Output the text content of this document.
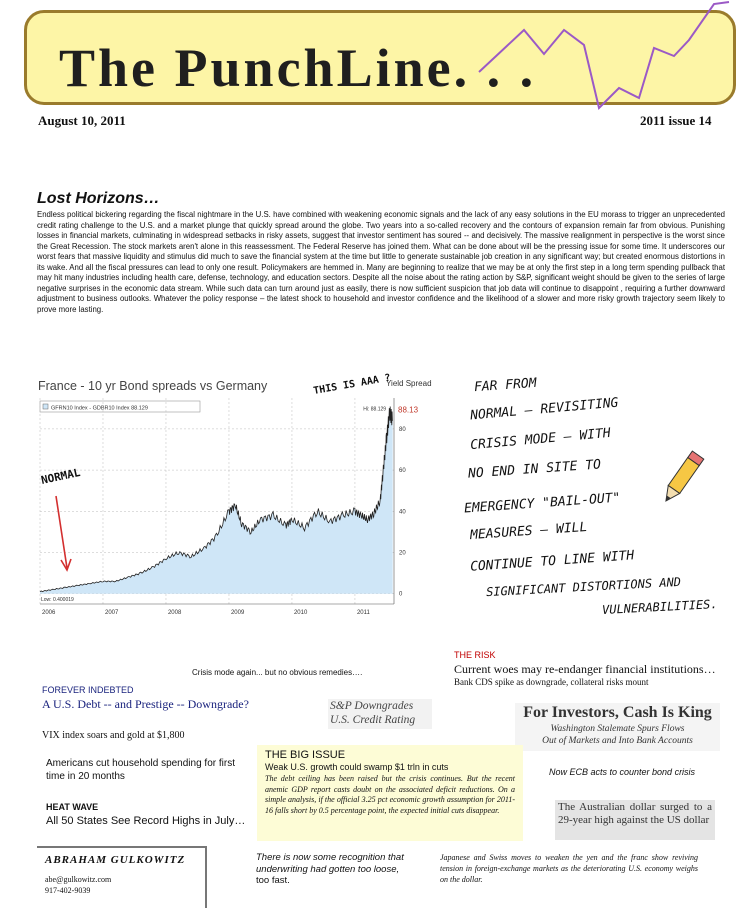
The PunchLine. . .
August 10, 2011	2011 issue 14
Lost Horizons…
Endless political bickering regarding the fiscal nightmare in the U.S. have combined with weakening economic signals and the lack of any easy solutions in the EU morass to trigger an unprecedented credit rating challenge to the U.S. and a market plunge that quickly spread around the globe. Two years into a so-called recovery and the contours of expansion remain far from obvious. Punishing losses in financial markets, culminating in widespread setbacks in risky assets, suggest that investor sentiment has soured -- and decisively. The massive realignment in perspective is the worst since the Great Recession. The stock markets aren't alone in this reassessment. The Federal Reserve has joined them. What can be done about will be the pressing issue for some time. It underscores our worst fears that massive liquidity and stimulus did much to save the financial system at the time but little to generate sustainable job creation in any significant way; but created enormous distortions in its wake. And all the fiscal pressures can lead to only one result. Policymakers are hemmed in. Many are beginning to realize that we may be at only the first step in a long term spending pullback that may hit many industries including health care, defense, technology, and education sectors. Despite all the noise about the rating action by S&P, significant weight should be given to the series of large negative surprises in the economic data stream. While such data can turn around just as easily, there is now sufficient suspicion that job data will continue to disappoint , requiring a further downward adjustment to business outlooks. Whatever the policy response – the latest shock to household and investor confidence and the likelihood of a slower and more risky growth trajectory seem likely to prove more lasting.
France - 10 yr Bond spreads vs Germany	Yield Spread
GFRN10 Index - GDBR10 Index 88.129
0
20
40
60
80
2006	2007	2008	2009	2010	2011
Hi: 88.129
Low: 0.400019
88.13
NORMAL
THIS IS AAA ?
Crisis mode again... but no obvious remedies….
FAR FROM
NORMAL – REVISITING
CRISIS MODE – WITH
NO END IN SITE TO
EMERGENCY "BAIL-OUT"
MEASURES – WILL
CONTINUE TO LINE WITH
SIGNIFICANT DISTORTIONS AND
VULNERABILITIES.
THE RISK
Current woes may re-endanger financial institutions…
Bank CDS spike as downgrade, collateral risks mount
FOREVER INDEBTED
A U.S. Debt -- and Prestige -- Downgrade?	S&P Downgrades
U.S. Credit Rating	For Investors, Cash Is King
Washington Stalemate Spurs Flows
Out of Markets and Into Bank Accounts
VIX index soars and gold at $1,800
Americans cut household spending for first time in 20 months
HEAT WAVE
All 50 States See Record Highs in July…
THE BIG ISSUE
Weak U.S. growth could swamp $1 trln in cuts
The debt ceiling has been raised but the crisis continues. But the recent anemic GDP report casts doubt on the associated deficit reductions. On a simple analysis, if the official 3.25 pct economic growth assumption for 2011-16 falls short by 0.5 percentage point, the expected initial cuts disappear.
Now ECB acts to counter bond crisis
The Australian dollar surged to a 29-year high against the US dollar
ABRAHAM GULKOWITZ
abe@gulkowitz.com
917-402-9039
There is now some recognition that underwriting had gotten too loose, too fast.
Japanese and Swiss moves to weaken the yen and the franc show reviving tension in foreign-exchange markets as the deteriorating U.S. economy weighs on the dollar.
